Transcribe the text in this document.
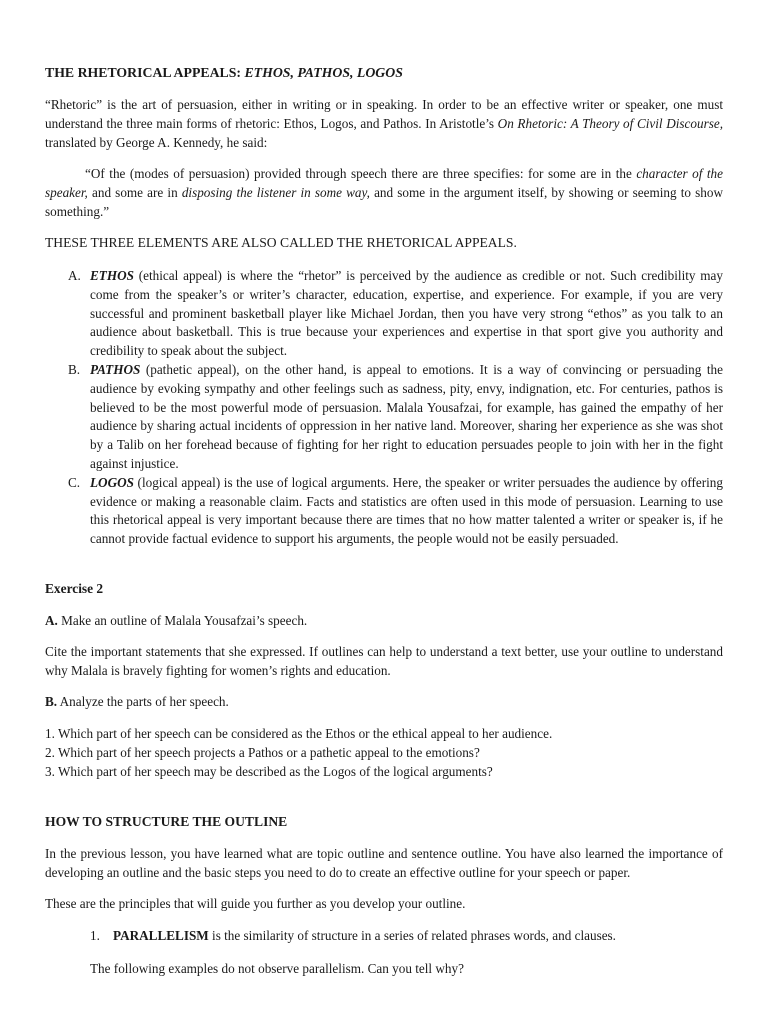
THE RHETORICAL APPEALS: ETHOS, PATHOS, LOGOS

“Rhetoric” is the art of persuasion, either in writing or in speaking. In order to be an effective writer or speaker, one must understand the three main forms of rhetoric: Ethos, Logos, and Pathos. In Aristotle’s On Rhetoric: A Theory of Civil Discourse, translated by George A. Kennedy, he said:

“Of the (modes of persuasion) provided through speech there are three specifies: for some are in the character of the speaker, and some are in disposing the listener in some way, and some in the argument itself, by showing or seeming to show something.”

THESE THREE ELEMENTS ARE ALSO CALLED THE RHETORICAL APPEALS.

A. ETHOS (ethical appeal) is where the “rhetor” is perceived by the audience as credible or not. Such credibility may come from the speaker’s or writer’s character, education, expertise, and experience. For example, if you are very successful and prominent basketball player like Michael Jordan, then you have very strong “ethos” as you talk to an audience about basketball. This is true because your experiences and expertise in that sport give you authority and credibility to speak about the subject.
B. PATHOS (pathetic appeal), on the other hand, is appeal to emotions. It is a way of convincing or persuading the audience by evoking sympathy and other feelings such as sadness, pity, envy, indignation, etc. For centuries, pathos is believed to be the most powerful mode of persuasion. Malala Yousafzai, for example, has gained the empathy of her audience by sharing actual incidents of oppression in her native land. Moreover, sharing her experience as she was shot by a Talib on her forehead because of fighting for her right to education persuades people to join with her in the fight against injustice.
C. LOGOS (logical appeal) is the use of logical arguments. Here, the speaker or writer persuades the audience by offering evidence or making a reasonable claim. Facts and statistics are often used in this mode of persuasion. Learning to use this rhetorical appeal is very important because there are times that no how matter talented a writer or speaker is, if he cannot provide factual evidence to support his arguments, the people would not be easily persuaded.

Exercise 2

A. Make an outline of Malala Yousafzai’s speech.

Cite the important statements that she expressed. If outlines can help to understand a text better, use your outline to understand why Malala is bravely fighting for women’s rights and education.

B. Analyze the parts of her speech.

1. Which part of her speech can be considered as the Ethos or the ethical appeal to her audience.
2. Which part of her speech projects a Pathos or a pathetic appeal to the emotions?
3. Which part of her speech may be described as the Logos of the logical arguments?

HOW TO STRUCTURE THE OUTLINE

In the previous lesson, you have learned what are topic outline and sentence outline. You have also learned the importance of developing an outline and the basic steps you need to do to create an effective outline for your speech or paper.

These are the principles that will guide you further as you develop your outline.

1. PARALLELISM is the similarity of structure in a series of related phrases words, and clauses.

The following examples do not observe parallelism. Can you tell why?
